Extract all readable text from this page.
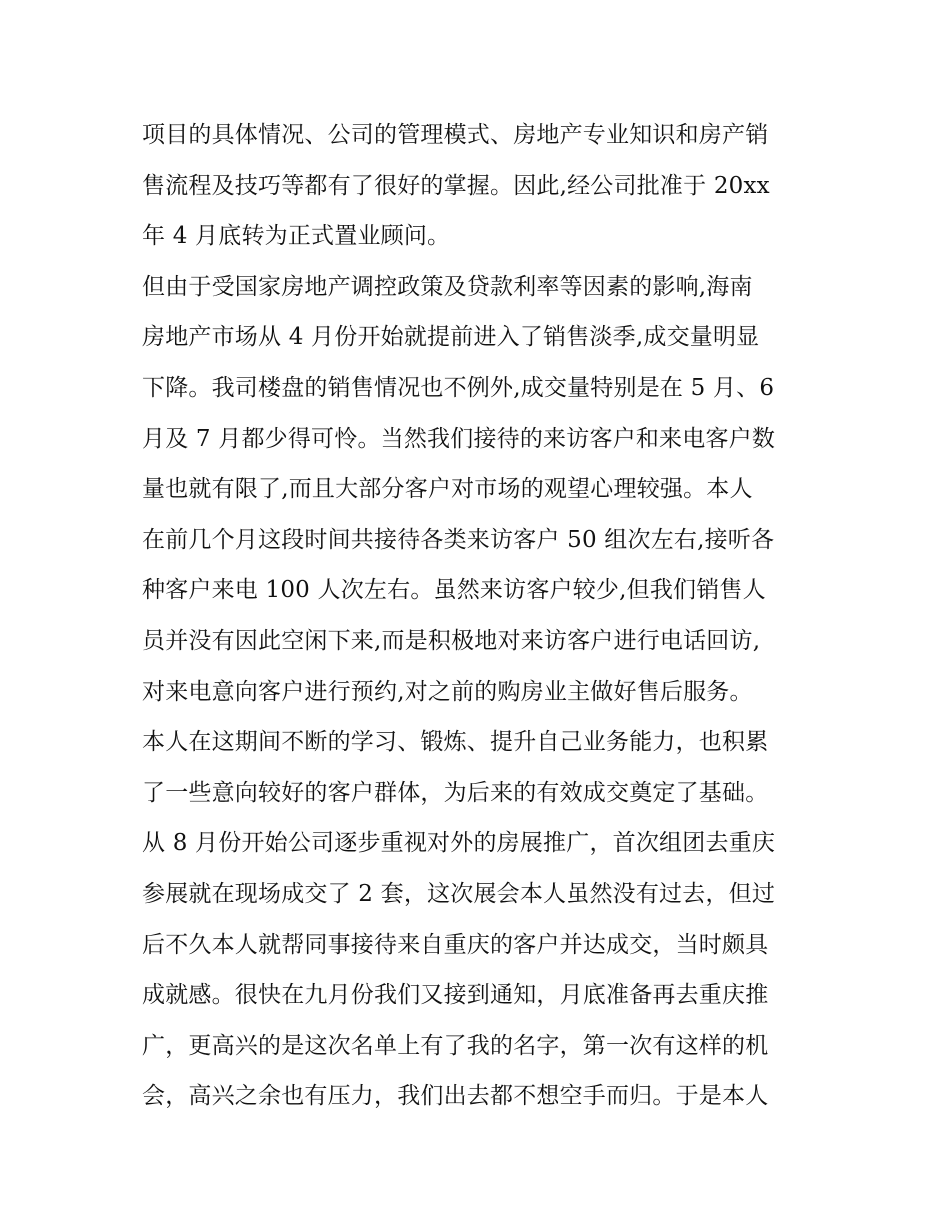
项目的具体情况、公司的管理模式、房地产专业知识和房产销
售流程及技巧等都有了很好的掌握。因此,经公司批准于 20xx
年 4 月底转为正式置业顾问。
但由于受国家房地产调控政策及贷款利率等因素的影响,海南
房地产市场从 4 月份开始就提前进入了销售淡季,成交量明显
下降。我司楼盘的销售情况也不例外,成交量特别是在 5 月、6
月及 7 月都少得可怜。当然我们接待的来访客户和来电客户数
量也就有限了,而且大部分客户对市场的观望心理较强。本人
在前几个月这段时间共接待各类来访客户 50 组次左右,接听各
种客户来电 100 人次左右。虽然来访客户较少,但我们销售人
员并没有因此空闲下来,而是积极地对来访客户进行电话回访,
对来电意向客户进行预约,对之前的购房业主做好售后服务。
本人在这期间不断的学习、锻炼、提升自己业务能力，也积累
了一些意向较好的客户群体，为后来的有效成交奠定了基础。
从 8 月份开始公司逐步重视对外的房展推广，首次组团去重庆
参展就在现场成交了 2 套，这次展会本人虽然没有过去，但过
后不久本人就帮同事接待来自重庆的客户并达成交，当时颇具
成就感。很快在九月份我们又接到通知，月底准备再去重庆推
广，更高兴的是这次名单上有了我的名字，第一次有这样的机
会，高兴之余也有压力，我们出去都不想空手而归。于是本人
